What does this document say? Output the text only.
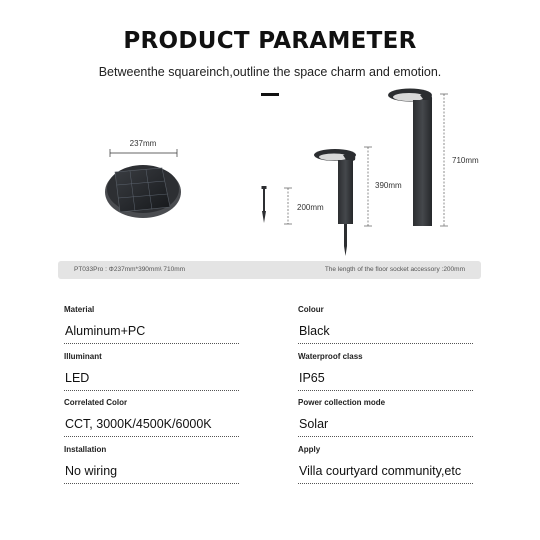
PRODUCT PARAMETER
Betweenthe squareinch,outline the space charm and emotion.
237mm
200mm
390mm
710mm
PT033Pro : Φ237mm*390mm\ 710mm	The length of the floor socket accessory :200mm
Material
Aluminum+PC
Colour
Black
Illuminant
LED
Waterproof class
IP65
Correlated Color
CCT, 3000K/4500K/6000K
Power collection mode
Solar
Installation
No wiring
Apply
Villa courtyard community,etc
